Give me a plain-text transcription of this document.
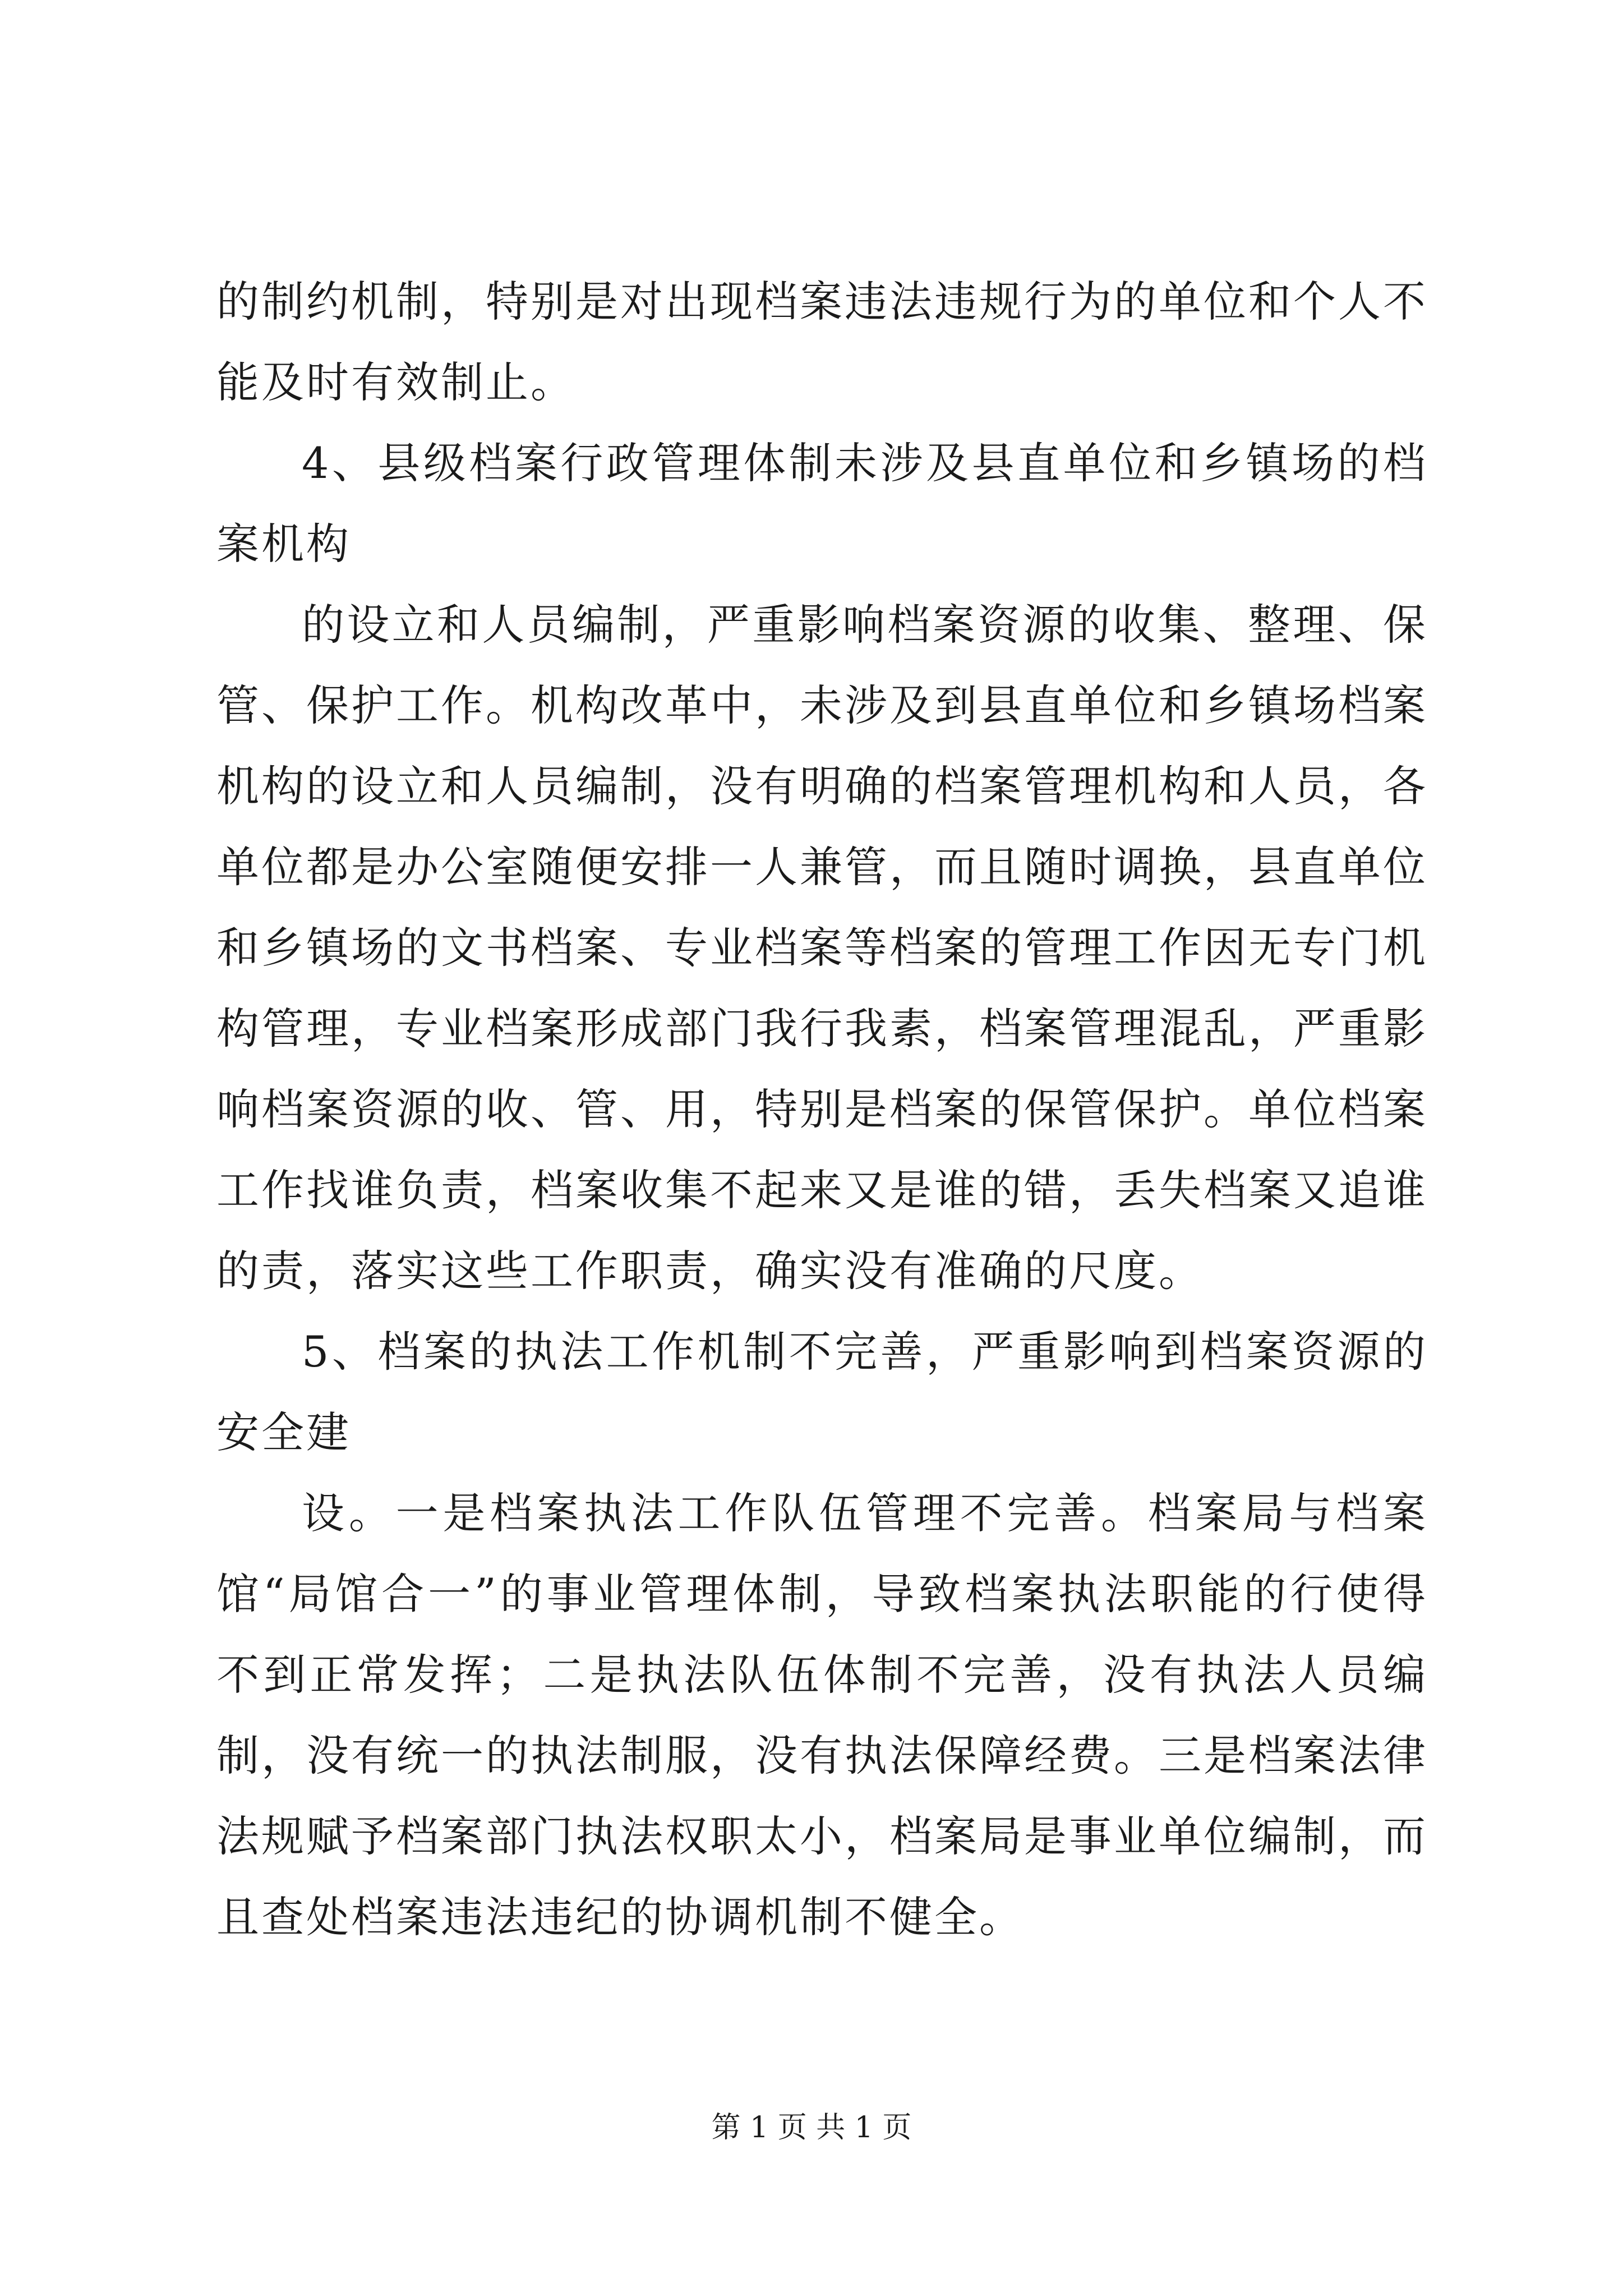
的制约机制，特别是对出现档案违法违规行为的单位和个人不能及时有效制止。

4、县级档案行政管理体制未涉及县直单位和乡镇场的档案机构

的设立和人员编制，严重影响档案资源的收集、整理、保管、保护工作。机构改革中，未涉及到县直单位和乡镇场档案机构的设立和人员编制，没有明确的档案管理机构和人员，各单位都是办公室随便安排一人兼管，而且随时调换，县直单位和乡镇场的文书档案、专业档案等档案的管理工作因无专门机构管理，专业档案形成部门我行我素，档案管理混乱，严重影响档案资源的收、管、用，特别是档案的保管保护。单位档案工作找谁负责，档案收集不起来又是谁的错，丢失档案又追谁的责，落实这些工作职责，确实没有准确的尺度。

5、档案的执法工作机制不完善，严重影响到档案资源的安全建

设。一是档案执法工作队伍管理不完善。档案局与档案馆“局馆合一”的事业管理体制，导致档案执法职能的行使得不到正常发挥；二是执法队伍体制不完善，没有执法人员编制，没有统一的执法制服，没有执法保障经费。三是档案法律法规赋予档案部门执法权职太小，档案局是事业单位编制，而且查处档案违法违纪的协调机制不健全。

第 1 页 共 1 页
